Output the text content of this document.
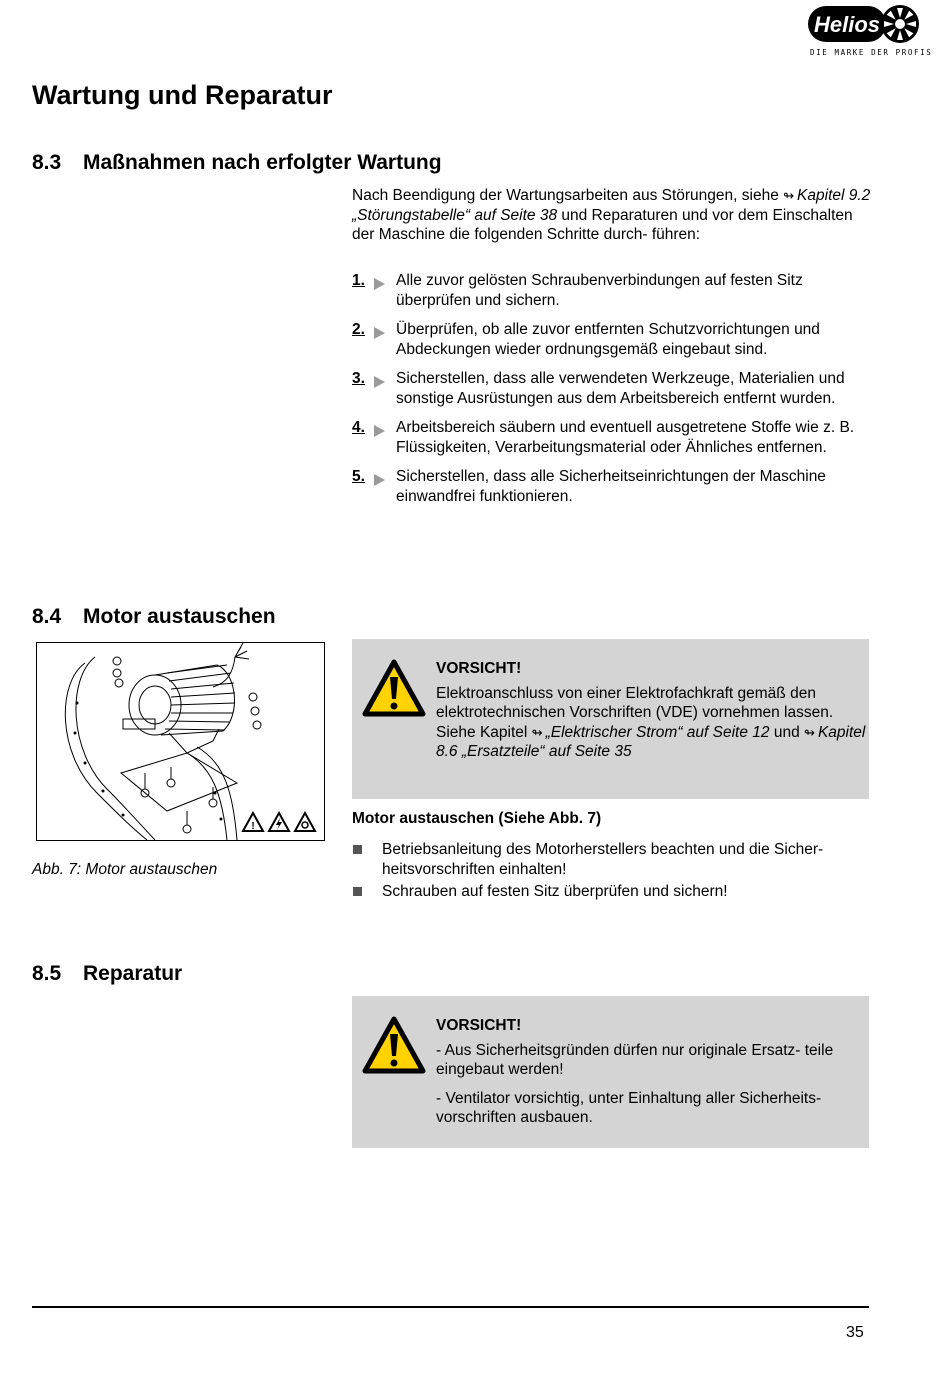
Helios
DIE MARKE DER PROFIS
Wartung und Reparatur
8.3 Maßnahmen nach erfolgter Wartung
Nach Beendigung der Wartungsarbeiten aus Störungen, siehe ↬ Kapitel 9.2 „Störungstabelle“ auf Seite 38 und Reparaturen und vor dem Einschalten der Maschine die folgenden Schritte durch- führen:
1. Alle zuvor gelösten Schraubenverbindungen auf festen Sitz überprüfen und sichern.
2. Überprüfen, ob alle zuvor entfernten Schutzvorrichtungen und Abdeckungen wieder ordnungsgemäß eingebaut sind.
3. Sicherstellen, dass alle verwendeten Werkzeuge, Materialien und sonstige Ausrüstungen aus dem Arbeitsbereich entfernt wurden.
4. Arbeitsbereich säubern und eventuell ausgetretene Stoffe wie z. B. Flüssigkeiten, Verarbeitungsmaterial oder Ähnliches entfernen.
5. Sicherstellen, dass alle Sicherheitseinrichtungen der Maschine einwandfrei funktionieren.
8.4 Motor austauschen
!
Abb. 7: Motor austauschen
VORSICHT!
Elektroanschluss von einer Elektrofachkraft gemäß den elektrotechnischen Vorschriften (VDE) vornehmen lassen. Siehe Kapitel ↬ „Elektrischer Strom“ auf Seite 12 und ↬ Kapitel 8.6 „Ersatzteile“ auf Seite 35
Motor austauschen (Siehe Abb. 7)
Betriebsanleitung des Motorherstellers beachten und die Sicher- heitsvorschriften einhalten!
Schrauben auf festen Sitz überprüfen und sichern!
8.5 Reparatur
VORSICHT!
- Aus Sicherheitsgründen dürfen nur originale Ersatz- teile eingebaut werden!
- Ventilator vorsichtig, unter Einhaltung aller Sicherheits- vorschriften ausbauen.
35
